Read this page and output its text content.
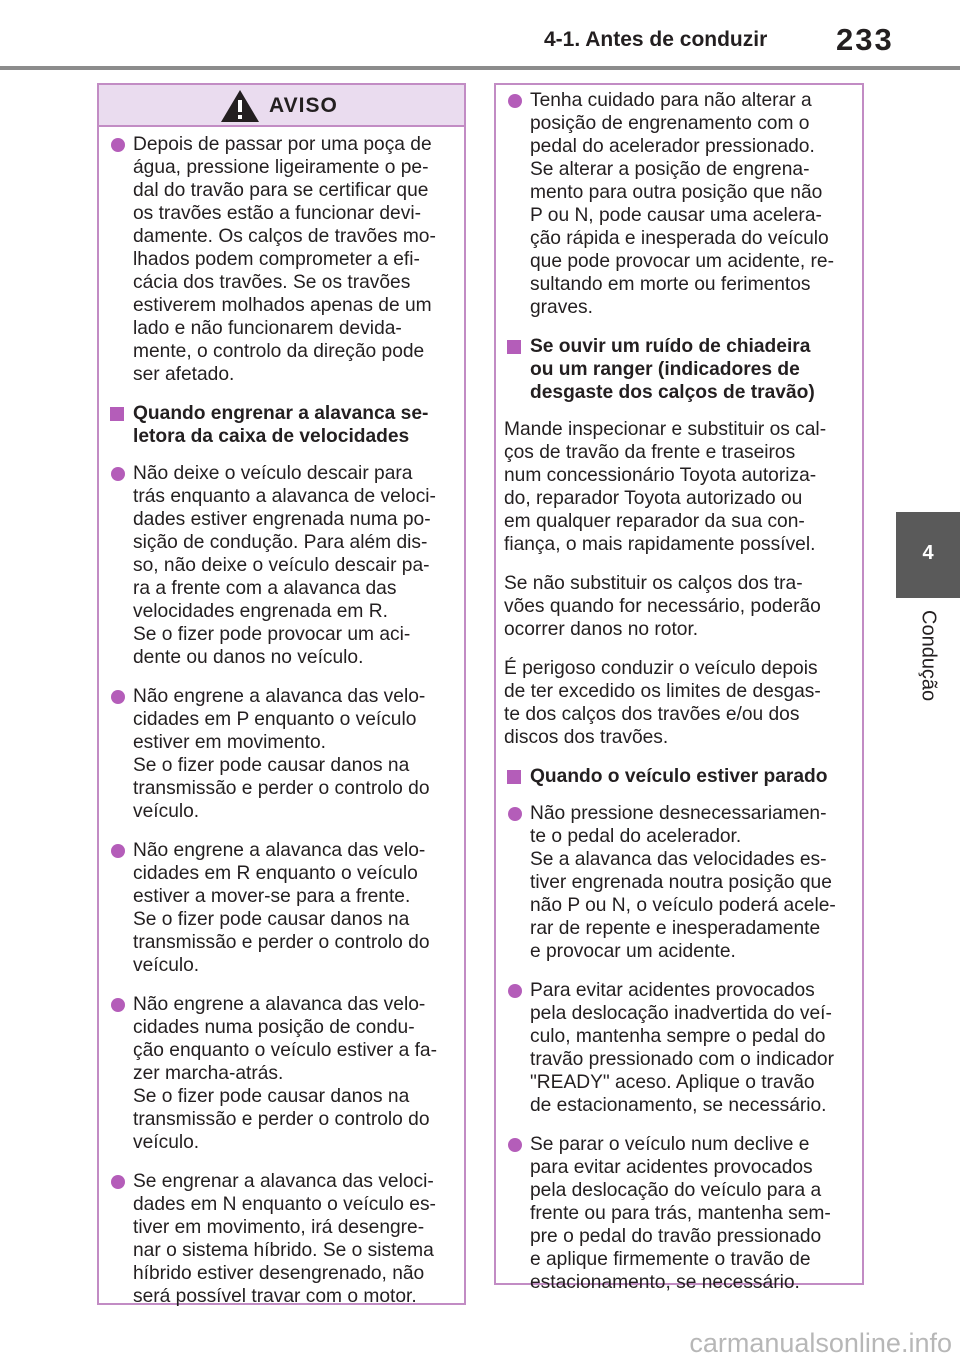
4-1. Antes de conduzir 233
4
Condução
AVISO

Depois de passar por uma poça de
água, pressione ligeiramente o pe-
dal do travão para se certificar que
os travões estão a funcionar devi-
damente. Os calços de travões mo-
lhados podem comprometer a efi-
cácia dos travões. Se os travões
estiverem molhados apenas de um
lado e não funcionarem devida-
mente, o controlo da direção pode
ser afetado.

Quando engrenar a alavanca se-
letora da caixa de velocidades

Não deixe o veículo descair para
trás enquanto a alavanca de veloci-
dades estiver engrenada numa po-
sição de condução. Para além dis-
so, não deixe o veículo descair pa-
ra a frente com a alavanca das
velocidades engrenada em R.
Se o fizer pode provocar um aci-
dente ou danos no veículo.

Não engrene a alavanca das velo-
cidades em P enquanto o veículo
estiver em movimento.
Se o fizer pode causar danos na
transmissão e perder o controlo do
veículo.

Não engrene a alavanca das velo-
cidades em R enquanto o veículo
estiver a mover-se para a frente.
Se o fizer pode causar danos na
transmissão e perder o controlo do
veículo.

Não engrene a alavanca das velo-
cidades numa posição de condu-
ção enquanto o veículo estiver a fa-
zer marcha-atrás.
Se o fizer pode causar danos na
transmissão e perder o controlo do
veículo.

Se engrenar a alavanca das veloci-
dades em N enquanto o veículo es-
tiver em movimento, irá desengre-
nar o sistema híbrido. Se o sistema
híbrido estiver desengrenado, não
será possível travar com o motor.

Tenha cuidado para não alterar a
posição de engrenamento com o
pedal do acelerador pressionado.
Se alterar a posição de engrena-
mento para outra posição que não
P ou N, pode causar uma acelera-
ção rápida e inesperada do veículo
que pode provocar um acidente, re-
sultando em morte ou ferimentos
graves.

Se ouvir um ruído de chiadeira
ou um ranger (indicadores de
desgaste dos calços de travão)

Mande inspecionar e substituir os cal-
ços de travão da frente e traseiros
num concessionário Toyota autoriza-
do, reparador Toyota autorizado ou
em qualquer reparador da sua con-
fiança, o mais rapidamente possível.

Se não substituir os calços dos tra-
vões quando for necessário, poderão
ocorrer danos no rotor.

É perigoso conduzir o veículo depois
de ter excedido os limites de desgas-
te dos calços dos travões e/ou dos
discos dos travões.

Quando o veículo estiver parado

Não pressione desnecessariamen-
te o pedal do acelerador.
Se a alavanca das velocidades es-
tiver engrenada noutra posição que
não P ou N, o veículo poderá acele-
rar de repente e inesperadamente
e provocar um acidente.

Para evitar acidentes provocados
pela deslocação inadvertida do veí-
culo, mantenha sempre o pedal do
travão pressionado com o indicador
"READY" aceso. Aplique o travão
de estacionamento, se necessário.

Se parar o veículo num declive e
para evitar acidentes provocados
pela deslocação do veículo para a
frente ou para trás, mantenha sem-
pre o pedal do travão pressionado
e aplique firmemente o travão de
estacionamento, se necessário.

carmanualsonline.info
